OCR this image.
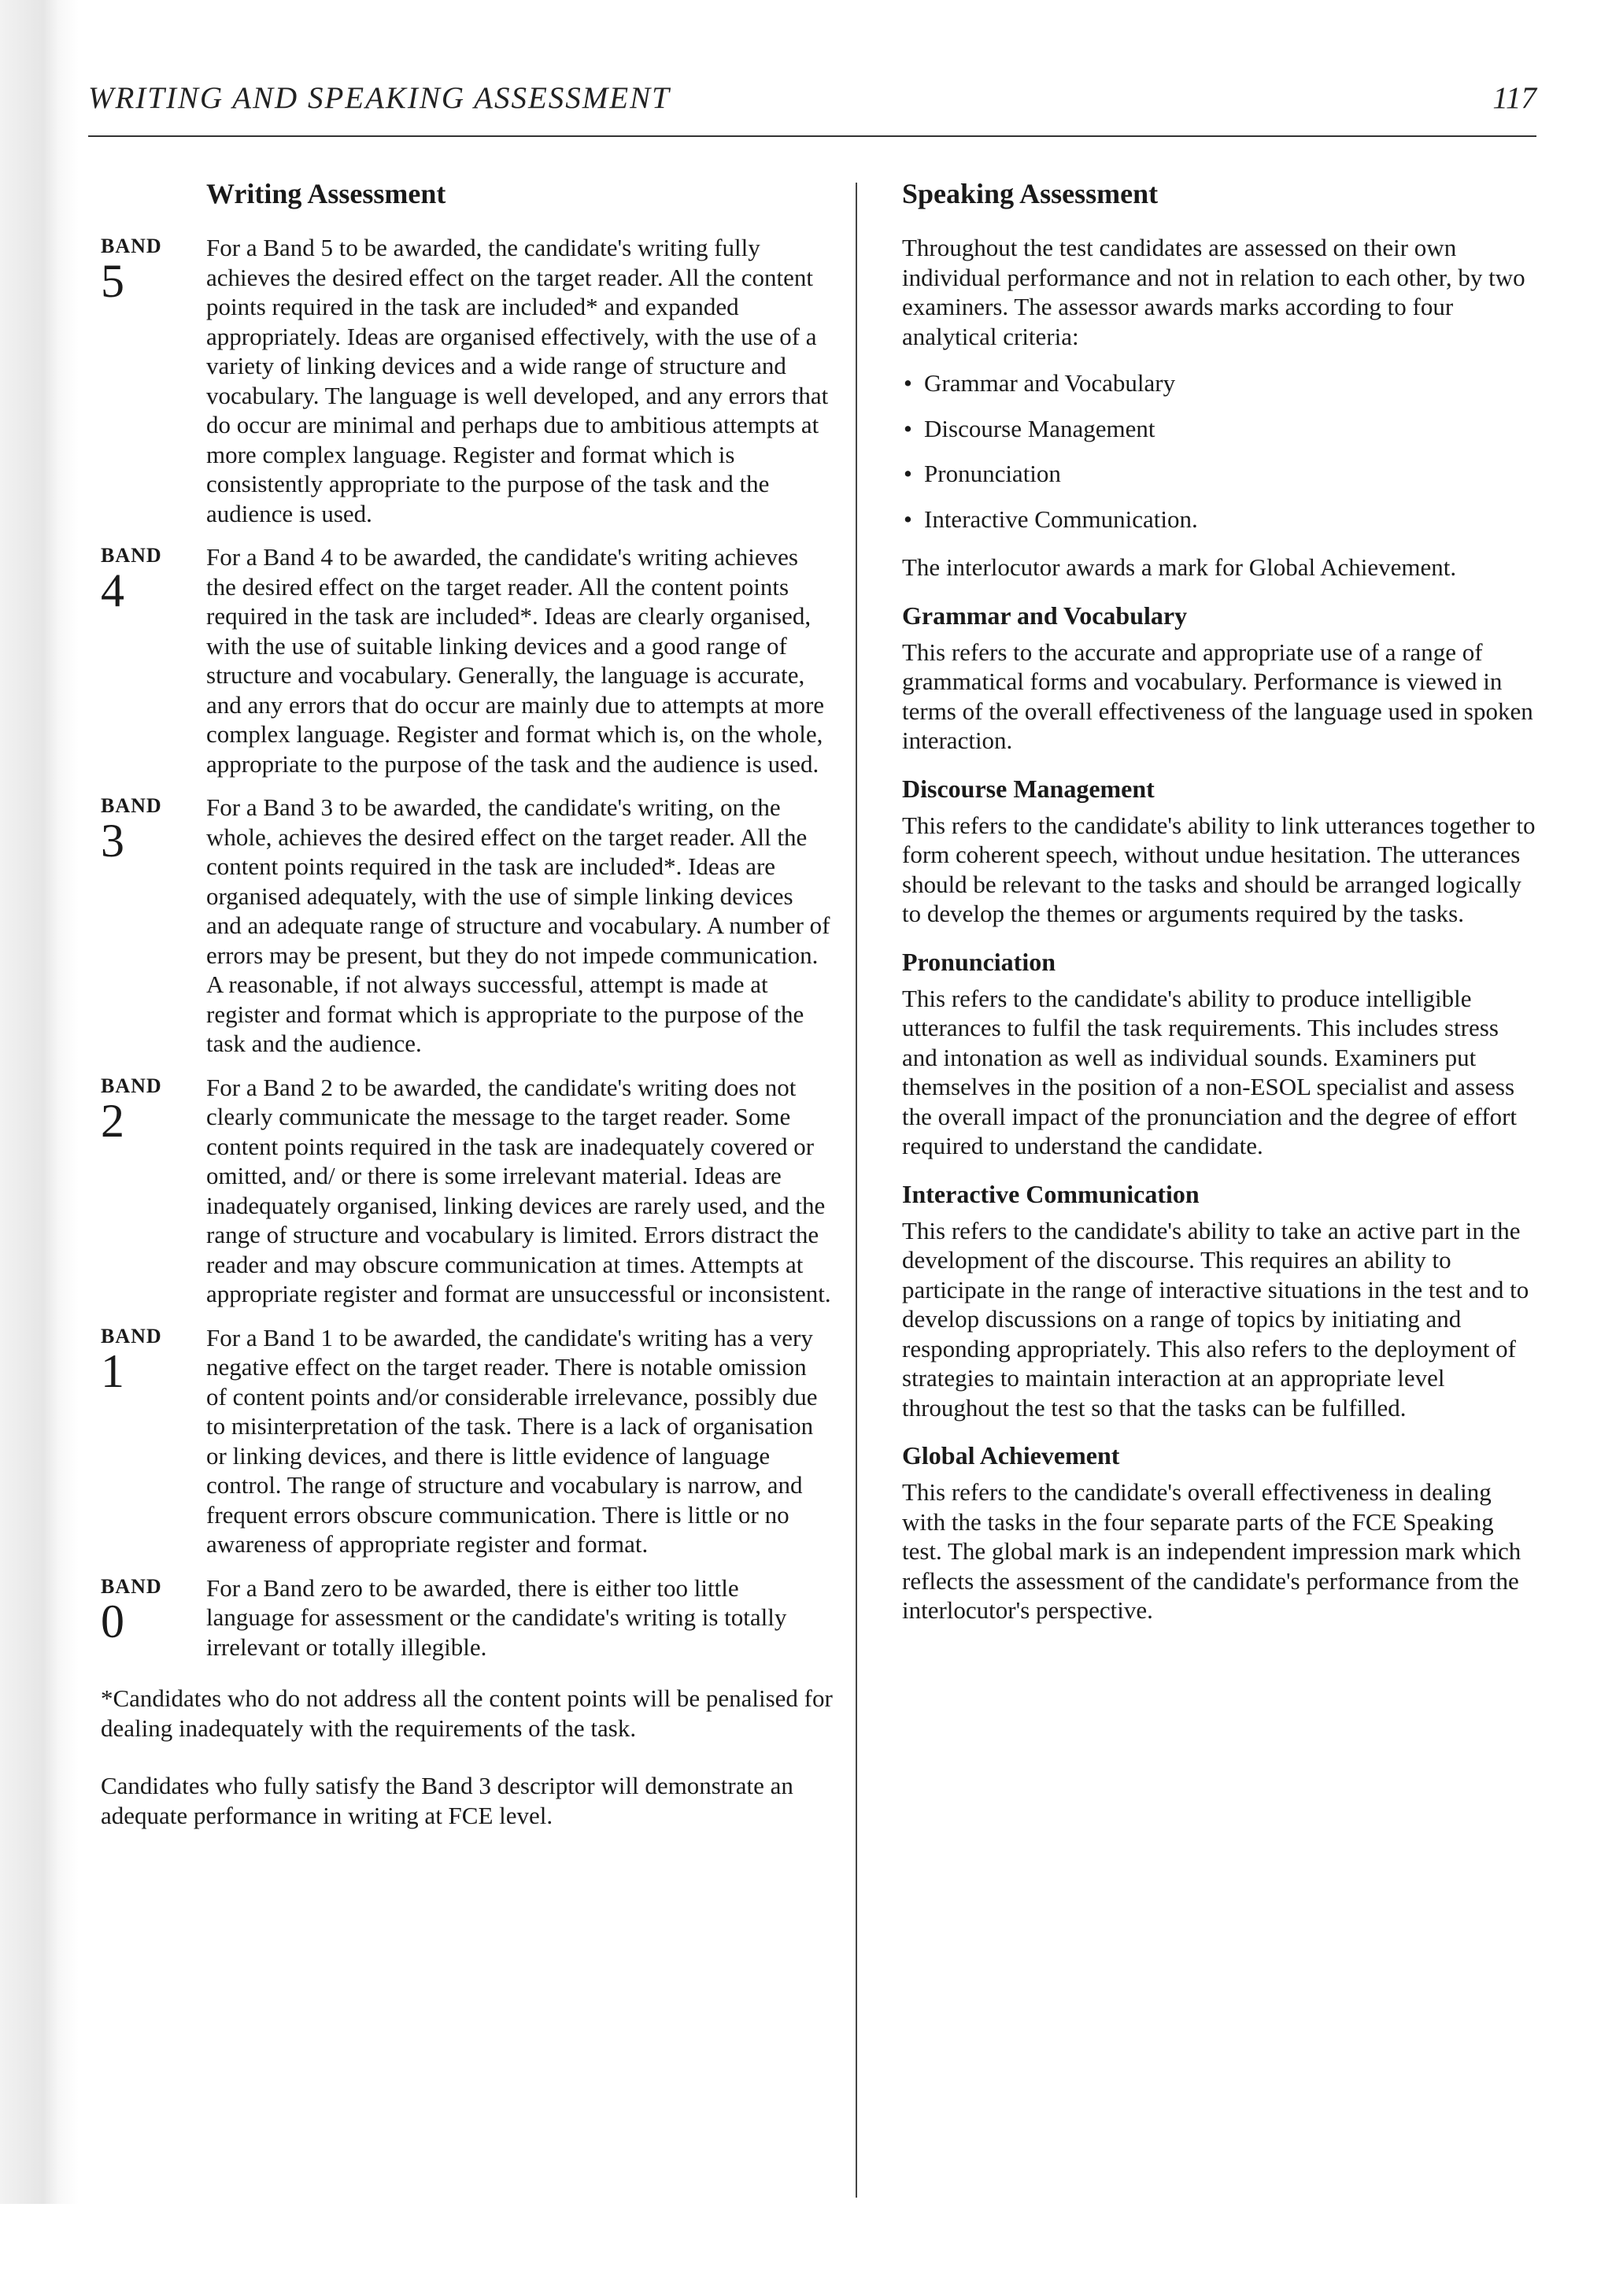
WRITING AND SPEAKING ASSESSMENT	117
Writing Assessment
BAND
5

For a Band 5 to be awarded, the candidate's writing fully achieves the desired effect on the target reader. All the content points required in the task are included* and expanded appropriately. Ideas are organised effectively, with the use of a variety of linking devices and a wide range of structure and vocabulary. The language is well developed, and any errors that do occur are minimal and perhaps due to ambitious attempts at more complex language. Register and format which is consistently appropriate to the purpose of the task and the audience is used.

BAND
4

For a Band 4 to be awarded, the candidate's writing achieves the desired effect on the target reader. All the content points required in the task are included*. Ideas are clearly organised, with the use of suitable linking devices and a good range of structure and vocabulary. Generally, the language is accurate, and any errors that do occur are mainly due to attempts at more complex language. Register and format which is, on the whole, appropriate to the purpose of the task and the audience is used.

BAND
3

For a Band 3 to be awarded, the candidate's writing, on the whole, achieves the desired effect on the target reader. All the content points required in the task are included*. Ideas are organised adequately, with the use of simple linking devices and an adequate range of structure and vocabulary. A number of errors may be present, but they do not impede communication. A reasonable, if not always successful, attempt is made at register and format which is appropriate to the purpose of the task and the audience.

BAND
2

For a Band 2 to be awarded, the candidate's writing does not clearly communicate the message to the target reader. Some content points required in the task are inadequately covered or omitted, and/ or there is some irrelevant material. Ideas are inadequately organised, linking devices are rarely used, and the range of structure and vocabulary is limited. Errors distract the reader and may obscure communication at times. Attempts at appropriate register and format are unsuccessful or inconsistent.

BAND
1

For a Band 1 to be awarded, the candidate's writing has a very negative effect on the target reader. There is notable omission of content points and/or considerable irrelevance, possibly due to misinterpretation of the task. There is a lack of organisation or linking devices, and there is little evidence of language control. The range of structure and vocabulary is narrow, and frequent errors obscure communication. There is little or no awareness of appropriate register and format.

BAND
0

For a Band zero to be awarded, there is either too little language for assessment or the candidate's writing is totally irrelevant or totally illegible.

*Candidates who do not address all the content points will be penalised for dealing inadequately with the requirements of the task.

Candidates who fully satisfy the Band 3 descriptor will demonstrate an adequate performance in writing at FCE level.

Speaking Assessment

Throughout the test candidates are assessed on their own individual performance and not in relation to each other, by two examiners. The assessor awards marks according to four analytical criteria:

• Grammar and Vocabulary
• Discourse Management
• Pronunciation
• Interactive Communication.

The interlocutor awards a mark for Global Achievement.

Grammar and Vocabulary

This refers to the accurate and appropriate use of a range of grammatical forms and vocabulary. Performance is viewed in terms of the overall effectiveness of the language used in spoken interaction.

Discourse Management

This refers to the candidate's ability to link utterances together to form coherent speech, without undue hesitation. The utterances should be relevant to the tasks and should be arranged logically to develop the themes or arguments required by the tasks.

Pronunciation

This refers to the candidate's ability to produce intelligible utterances to fulfil the task requirements. This includes stress and intonation as well as individual sounds. Examiners put themselves in the position of a non-ESOL specialist and assess the overall impact of the pronunciation and the degree of effort required to understand the candidate.

Interactive Communication

This refers to the candidate's ability to take an active part in the development of the discourse. This requires an ability to participate in the range of interactive situations in the test and to develop discussions on a range of topics by initiating and responding appropriately. This also refers to the deployment of strategies to maintain interaction at an appropriate level throughout the test so that the tasks can be fulfilled.

Global Achievement

This refers to the candidate's overall effectiveness in dealing with the tasks in the four separate parts of the FCE Speaking test. The global mark is an independent impression mark which reflects the assessment of the candidate's performance from the interlocutor's perspective.
